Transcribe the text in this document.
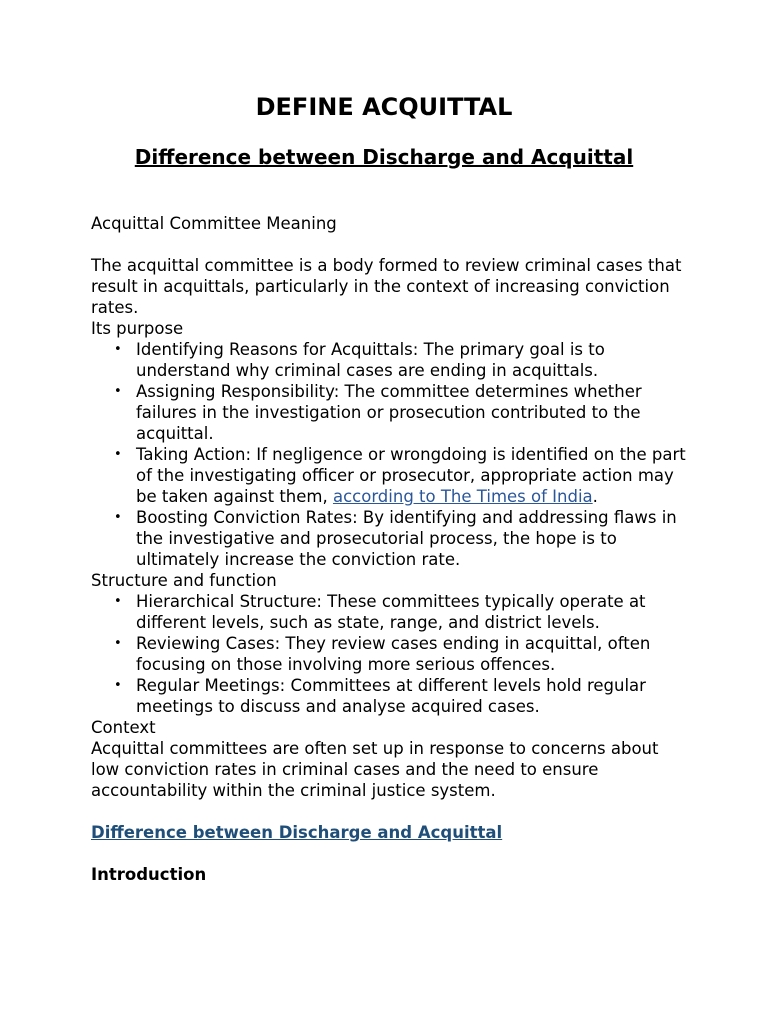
DEFINE ACQUITTAL
Difference between Discharge and Acquittal

Acquittal Committee Meaning

The acquittal committee is a body formed to review criminal cases that result in acquittals, particularly in the context of increasing conviction rates.

Its purpose

• Identifying Reasons for Acquittals: The primary goal is to understand why criminal cases are ending in acquittals.
• Assigning Responsibility: The committee determines whether failures in the investigation or prosecution contributed to the acquittal.
• Taking Action: If negligence or wrongdoing is identified on the part of the investigating officer or prosecutor, appropriate action may be taken against them, according to The Times of India.
• Boosting Conviction Rates: By identifying and addressing flaws in the investigative and prosecutorial process, the hope is to ultimately increase the conviction rate.

Structure and function

• Hierarchical Structure: These committees typically operate at different levels, such as state, range, and district levels.
• Reviewing Cases: They review cases ending in acquittal, often focusing on those involving more serious offences.
• Regular Meetings: Committees at different levels hold regular meetings to discuss and analyse acquired cases.

Context

Acquittal committees are often set up in response to concerns about low conviction rates in criminal cases and the need to ensure accountability within the criminal justice system.

Difference between Discharge and Acquittal

Introduction
